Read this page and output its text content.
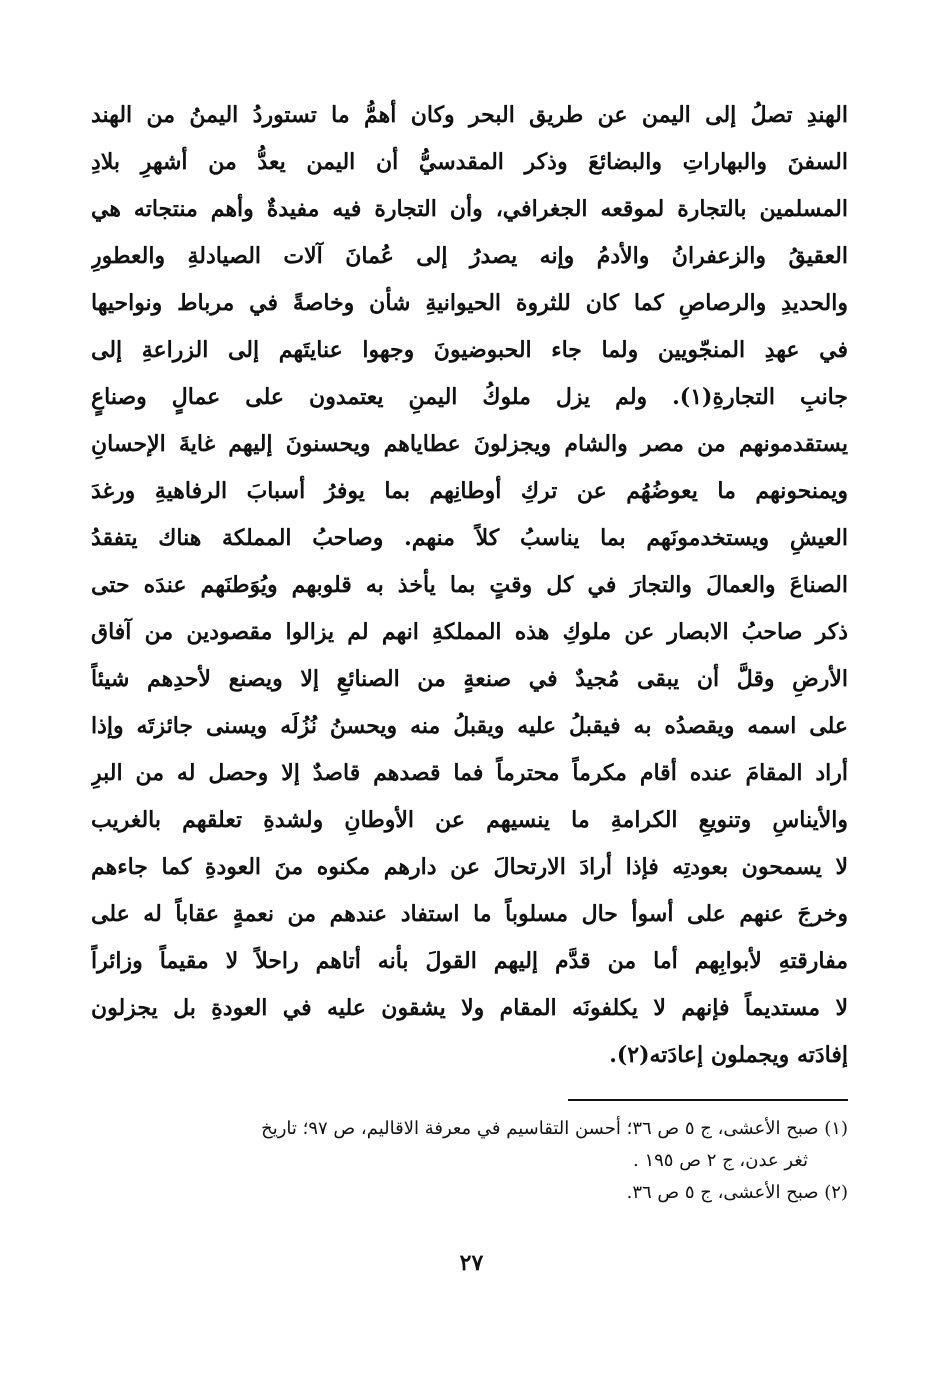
الهندِ تصلُ إلى اليمن عن طريق البحر وكان أهمُّ ما تستوردُ اليمنُ من الهند
السفنَ والبهاراتِ والبضائعَ وذكر المقدسيُّ أن اليمن يعدُّ من أشهرِ بلادِ
المسلمين بالتجارة لموقعه الجغرافي، وأن التجارة فيه مفيدةٌ وأهم منتجاته هي
العقيقُ والزعفرانُ والأدمُ وإنه يصدرُ إلى عُمانَ آلات الصيادلةِ والعطورِ
والحديدِ والرصاصِ كما كان للثروة الحيوانيةِ شأن وخاصةً في مرباط ونواحيها
في عهدِ المنجّويين ولما جاء الحبوضيونَ وجهوا عنايتَهم إلى الزراعةِ إلى
جانبِ التجارةِ(١). ولم يزل ملوكُ اليمنِ يعتمدون على عمالٍ وصناعٍ
يستقدمونهم من مصر والشام ويجزلونَ عطاياهم ويحسنونَ إليهم غايةَ الإحسانِ
ويمنحونهم ما يعوضُهُم عن تركِ أوطانِهم بما يوفرُ أسبابَ الرفاهيةِ ورغدَ
العيشِ ويستخدمونَهم بما يناسبُ كلاً منهم. وصاحبُ المملكة هناك يتفقدُ
الصناعَ والعمالَ والتجارَ في كل وقتٍ بما يأخذ به قلوبهم ويُوَطنَهم عندَه حتى
ذكر صاحبُ الابصار عن ملوكِ هذه المملكةِ انهم لم يزالوا مقصودين من آفاق
الأرضِ وقلَّ أن يبقى مُجيدٌ في صنعةٍ من الصنائعِ إلا ويصنع لأحدِهم شيئاً
على اسمه ويقصدُه به فيقبلُ عليه ويقبلُ منه ويحسنُ نُزُلَه ويسنى جائزتَه وإذا
أراد المقامَ عنده أقام مكرماً محترماً فما قصدهم قاصدٌ إلا وحصل له من البرِ
والأيناسِ وتنويعِ الكرامةِ ما ينسيهم عن الأوطانِ ولشدةِ تعلقهم بالغريب
لا يسمحون بعودتِه فإذا أرادَ الارتحالَ عن دارهم مكنوه منَ العودةِ كما جاءهم
وخرجَ عنهم على أسوأ حال مسلوباً ما استفاد عندهم من نعمةٍ عقاباً له على
مفارقتهِ لأبوابِهم أما من قدَّم إليهم القولَ بأنه أتاهم راحلاً لا مقيماً وزائراً
لا مستديماً فإنهم لا يكلفونَه المقام ولا يشقون عليه في العودةِ بل يجزلون
إفادَته ويجملون إعادَته(٢).
(١) صبح الأعشى، ج ٥ ص ٣٦؛ أحسن التقاسيم في معرفة الاقاليم، ص ٩٧؛ تاريخ
ثغر عدن، ج ٢ ص ١٩٥ .
(٢) صبح الأعشى، ج ٥ ص ٣٦.
٢٧
